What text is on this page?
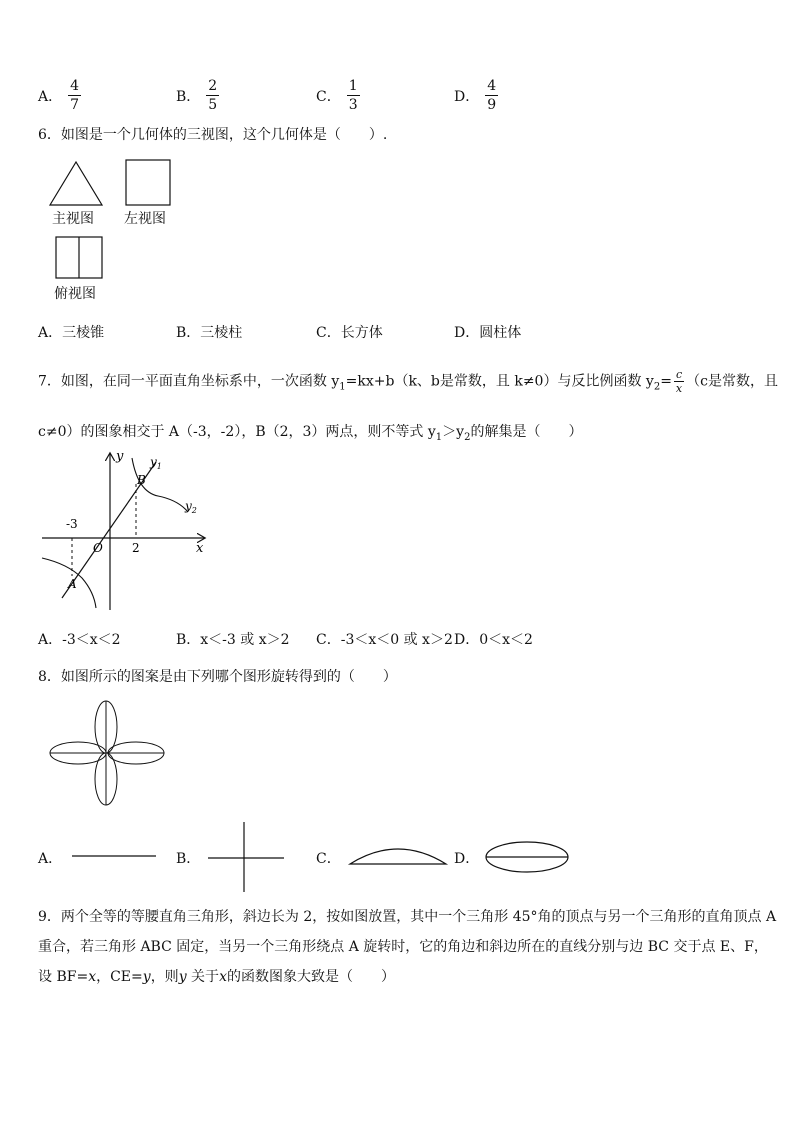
A． $\frac{4}{7}$	B． $\frac{2}{5}$	C． $\frac{1}{3}$	D． $\frac{4}{9}$
6．如图是一个几何体的三视图，这个几何体是（　　）.
主视图 左视图
俯视图
A．三棱锥	B．三棱柱	C．长方体	D．圆柱体
7．如图，在同一平面直角坐标系中，一次函数 $y_1=kx+b(k$、b是常数，且 k≠0）与反比例函数 $y_2= \frac{c}{x} (c$是常数，且
c≠0）的图象相交于 A（-3，-2），B（2，3）两点，则不等式 $y_1>y_2$的解集是（　　）
y
x
O
-3
2
B
A
$y_1$
$y_2$
A．-3＜x＜2	B．x＜-3 或 x＞2 C．-3＜x＜0 或 x＞2 D．0＜x＜2
8．如图所示的图案是由下列哪个图形旋转得到的（　　）
A．	B．	C．	D．
9．两个全等的等腰直角三角形，斜边长为 2，按如图放置，其中一个三角形 45°角的顶点与另一个三角形的直角顶点 A
重合，若三角形 ABC 固定，当另一个三角形绕点 A 旋转时，它的角边和斜边所在的直线分别与边 BC 交于点 E、F，
设 BF=x，CE=y，则y 关于x的函数图象大致是（　　）
